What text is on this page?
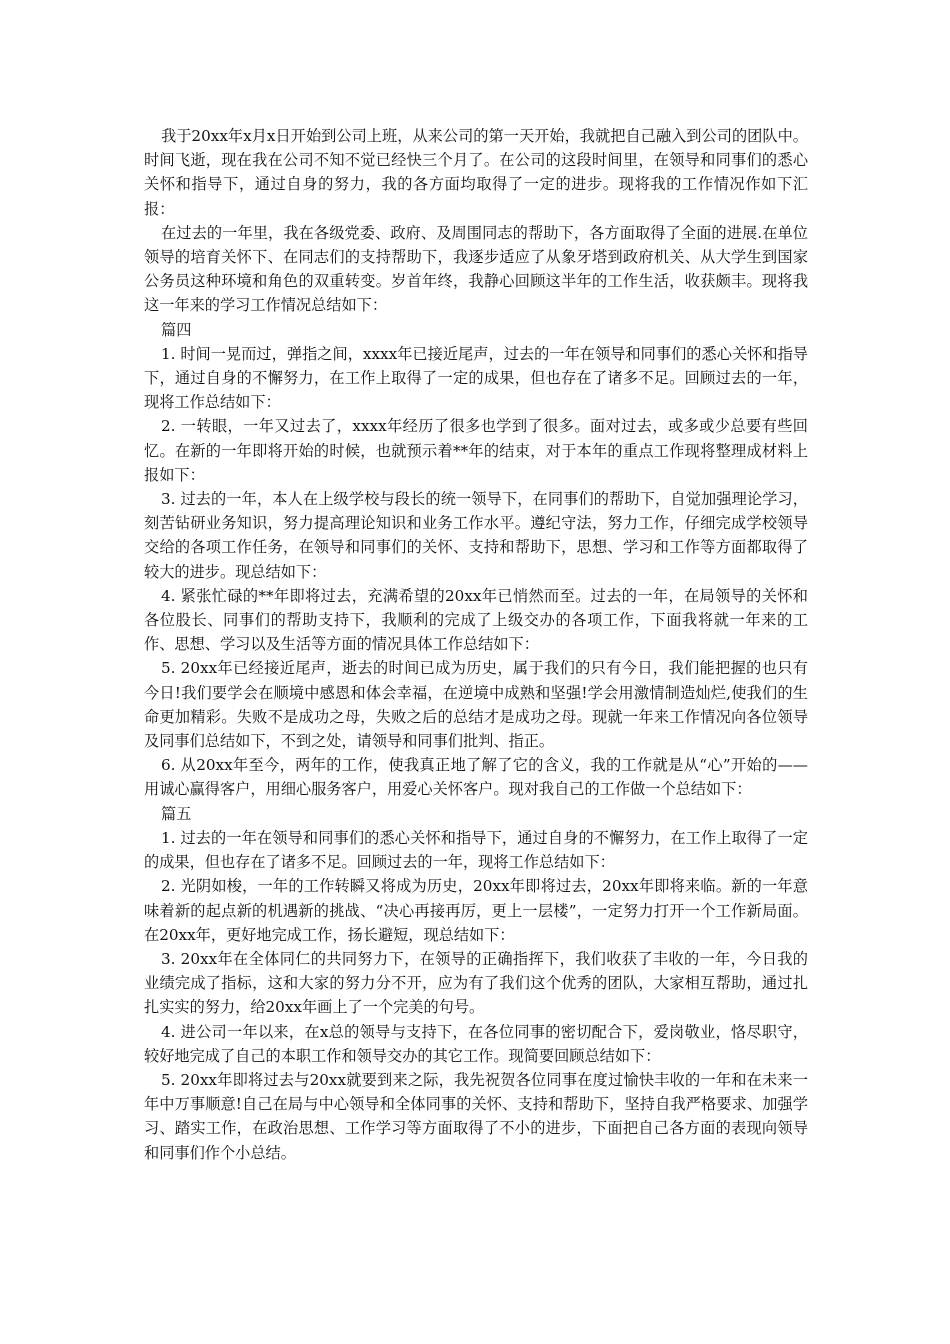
我于20xx年x月x日开始到公司上班，从来公司的第一天开始，我就把自己融入到公司的团队中。时间飞逝，现在我在公司不知不觉已经快三个月了。在公司的这段时间里，在领导和同事们的悉心关怀和指导下，通过自身的努力，我的各方面均取得了一定的进步。现将我的工作情况作如下汇报：

在过去的一年里，我在各级党委、政府、及周围同志的帮助下，各方面取得了全面的进展.在单位领导的培育关怀下、在同志们的支持帮助下，我逐步适应了从象牙塔到政府机关、从大学生到国家公务员这种环境和角色的双重转变。岁首年终，我静心回顾这半年的工作生活，收获颇丰。现将我这一年来的学习工作情况总结如下：

篇四

1. 时间一晃而过，弹指之间，xxxx年已接近尾声，过去的一年在领导和同事们的悉心关怀和指导下，通过自身的不懈努力，在工作上取得了一定的成果，但也存在了诸多不足。回顾过去的一年，现将工作总结如下：

2. 一转眼，一年又过去了，xxxx年经历了很多也学到了很多。面对过去，或多或少总要有些回忆。在新的一年即将开始的时候，也就预示着**年的结束，对于本年的重点工作现将整理成材料上报如下：

3. 过去的一年，本人在上级学校与段长的统一领导下，在同事们的帮助下，自觉加强理论学习，刻苦钻研业务知识，努力提高理论知识和业务工作水平。遵纪守法，努力工作，仔细完成学校领导交给的各项工作任务，在领导和同事们的关怀、支持和帮助下，思想、学习和工作等方面都取得了较大的进步。现总结如下：

4. 紧张忙碌的**年即将过去，充满希望的20xx年已悄然而至。过去的一年，在局领导的关怀和各位股长、同事们的帮助支持下，我顺利的完成了上级交办的各项工作，下面我将就一年来的工作、思想、学习以及生活等方面的情况具体工作总结如下：

5. 20xx年已经接近尾声，逝去的时间已成为历史，属于我们的只有今日，我们能把握的也只有今日!我们要学会在顺境中感恩和体会幸福，在逆境中成熟和坚强!学会用激情制造灿烂,使我们的生命更加精彩。失败不是成功之母，失败之后的总结才是成功之母。现就一年来工作情况向各位领导及同事们总结如下，不到之处，请领导和同事们批判、指正。

6. 从20xx年至今，两年的工作，使我真正地了解了它的含义，我的工作就是从“心”开始的——用诚心赢得客户，用细心服务客户，用爱心关怀客户。现对我自己的工作做一个总结如下：

篇五

1. 过去的一年在领导和同事们的悉心关怀和指导下，通过自身的不懈努力，在工作上取得了一定的成果，但也存在了诸多不足。回顾过去的一年，现将工作总结如下：

2. 光阴如梭，一年的工作转瞬又将成为历史，20xx年即将过去，20xx年即将来临。新的一年意味着新的起点新的机遇新的挑战、“决心再接再厉，更上一层楼”，一定努力打开一个工作新局面。在20xx年，更好地完成工作，扬长避短，现总结如下：

3. 20xx年在全体同仁的共同努力下，在领导的正确指挥下，我们收获了丰收的一年，今日我的业绩完成了指标，这和大家的努力分不开，应为有了我们这个优秀的团队，大家相互帮助，通过扎扎实实的努力，给20xx年画上了一个完美的句号。

4. 进公司一年以来，在x总的领导与支持下，在各位同事的密切配合下，爱岗敬业，恪尽职守，较好地完成了自己的本职工作和领导交办的其它工作。现简要回顾总结如下：

5. 20xx年即将过去与20xx就要到来之际，我先祝贺各位同事在度过愉快丰收的一年和在未来一年中万事顺意!自己在局与中心领导和全体同事的关怀、支持和帮助下，坚持自我严格要求、加强学习、踏实工作，在政治思想、工作学习等方面取得了不小的进步，下面把自己各方面的表现向领导和同事们作个小总结。
